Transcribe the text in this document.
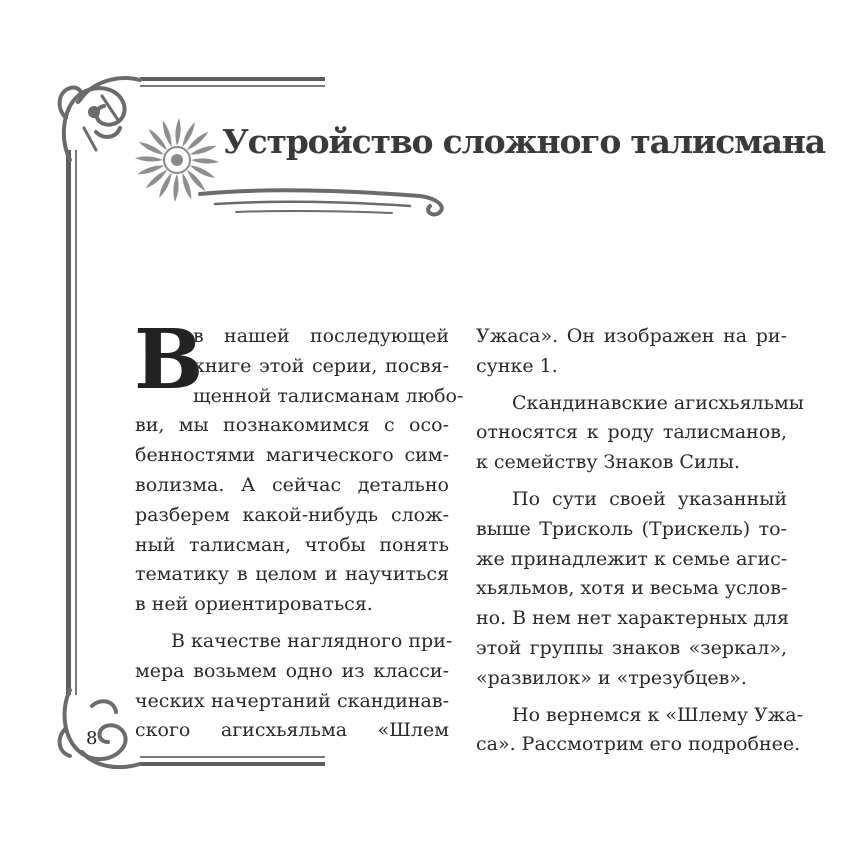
Устройство сложного талисмана
В
в нашей последующей
книге этой серии, посвя-
щенной талисманам любо-
ви, мы познакомимся с осо-
бенностями магического сим-
волизма. А сейчас детально
разберем какой-нибудь слож-
ный талисман, чтобы понять
тематику в целом и научиться
в ней ориентироваться.
В качестве наглядного при-
мера возьмем одно из класси-
ческих начертаний скандинав-
ского агисхьяльма «Шлем
Ужаса». Он изображен на ри-
сунке 1.
Скандинавские агисхьяльмы
относятся к роду талисманов,
к семейству Знаков Силы.
По сути своей указанный
выше Трисколь (Трискель) то-
же принадлежит к семье агис-
хьяльмов, хотя и весьма услов-
но. В нем нет характерных для
этой группы знаков «зеркал»,
«развилок» и «трезубцев».
Но вернемся к «Шлему Ужа-
са». Рассмотрим его подробнее.
8
